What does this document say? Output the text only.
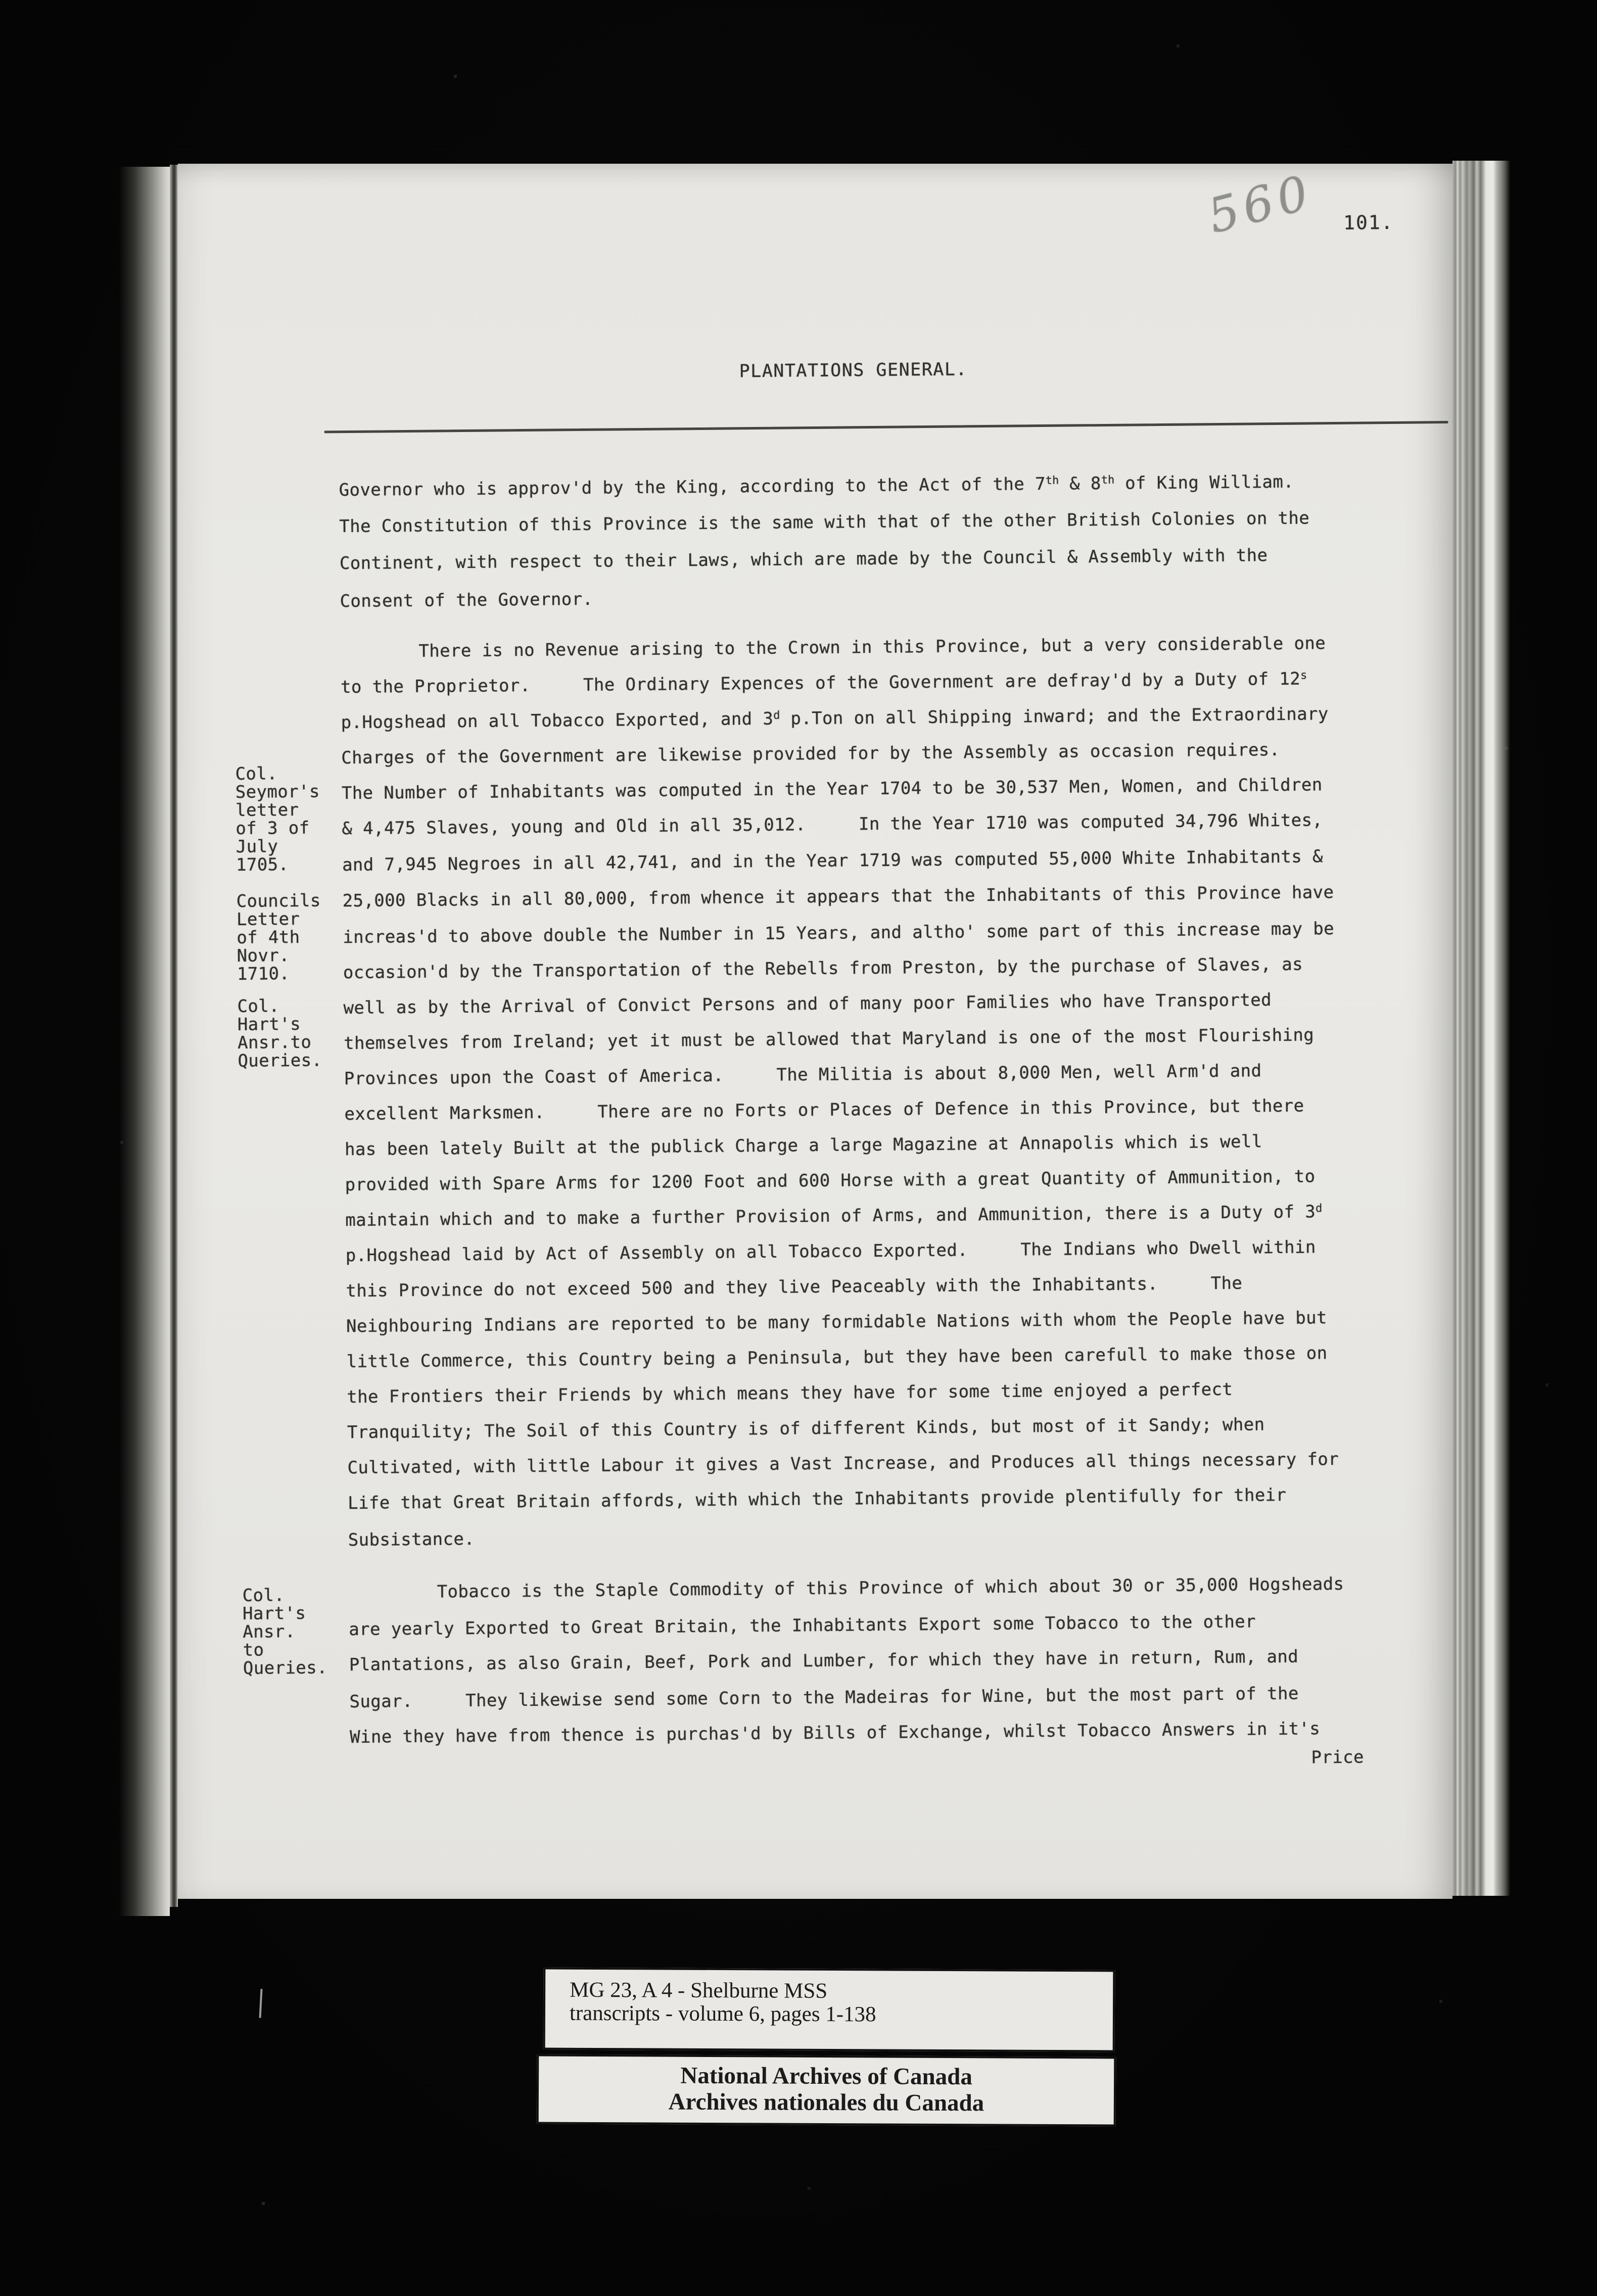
560 101.
PLANTATIONS GENERAL.
Col.
Seymor's
letter
of 3 of
July
1705.
Councils
Letter
of 4th
Novr.
1710.
Col.
Hart's
Ansr.to
Queries.
Col.
Hart's
Ansr.
to
Queries.
Governor who is approv'd by the King, according to the Act of the 7th & 8th of King William.
The Constitution of this Province is the same with that of the other British Colonies on the
Continent, with respect to their Laws, which are made by the Council & Assembly with the
Consent of the Governor.
There is no Revenue arising to the Crown in this Province, but a very considerable one
to the Proprietor.     The Ordinary Expences of the Government are defray'd by a Duty of 12$^s$
p.Hogshead on all Tobacco Exported, and 3$^d$ p.Ton on all Shipping inward; and the Extraordinary
Charges of the Government are likewise provided for by the Assembly as occasion requires.
The Number of Inhabitants was computed in the Year 1704 to be 30,537 Men, Women, and Children
& 4,475 Slaves, young and Old in all 35,012.     In the Year 1710 was computed 34,796 Whites,
and 7,945 Negroes in all 42,741, and in the Year 1719 was computed 55,000 White Inhabitants &
25,000 Blacks in all 80,000, from whence it appears that the Inhabitants of this Province have
increas'd to above double the Number in 15 Years, and altho' some part of this increase may be
occasion'd by the Transportation of the Rebells from Preston, by the purchase of Slaves, as
well as by the Arrival of Convict Persons and of many poor Families who have Transported
themselves from Ireland; yet it must be allowed that Maryland is one of the most Flourishing
Provinces upon the Coast of America.     The Militia is about 8,000 Men, well Arm'd and
excellent Marksmen.     There are no Forts or Places of Defence in this Province, but there
has been lately Built at the publick Charge a large Magazine at Annapolis which is well
provided with Spare Arms for 1200 Foot and 600 Horse with a great Quantity of Ammunition, to
maintain which and to make a further Provision of Arms, and Ammunition, there is a Duty of 3$^d$
p.Hogshead laid by Act of Assembly on all Tobacco Exported.     The Indians who Dwell within
this Province do not exceed 500 and they live Peaceably with the Inhabitants.     The
Neighbouring Indians are reported to be many formidable Nations with whom the People have but
little Commerce, this Country being a Peninsula, but they have been carefull to make those on
the Frontiers their Friends by which means they have for some time enjoyed a perfect
Tranquility; The Soil of this Country is of different Kinds, but most of it Sandy; when
Cultivated, with little Labour it gives a Vast Increase, and Produces all things necessary for
Life that Great Britain affords, with which the Inhabitants provide plentifully for their
Subsistance.
Tobacco is the Staple Commodity of this Province of which about 30 or 35,000 Hogsheads
are yearly Exported to Great Britain, the Inhabitants Export some Tobacco to the other
Plantations, as also Grain, Beef, Pork and Lumber, for which they have in return, Rum, and
Sugar.     They likewise send some Corn to the Madeiras for Wine, but the most part of the
Wine they have from thence is purchas'd by Bills of Exchange, whilst Tobacco Answers in it's
Price
MG 23, A 4 - Shelburne MSS
transcripts - volume 6, pages 1-138
National Archives of Canada
Archives nationales du Canada
